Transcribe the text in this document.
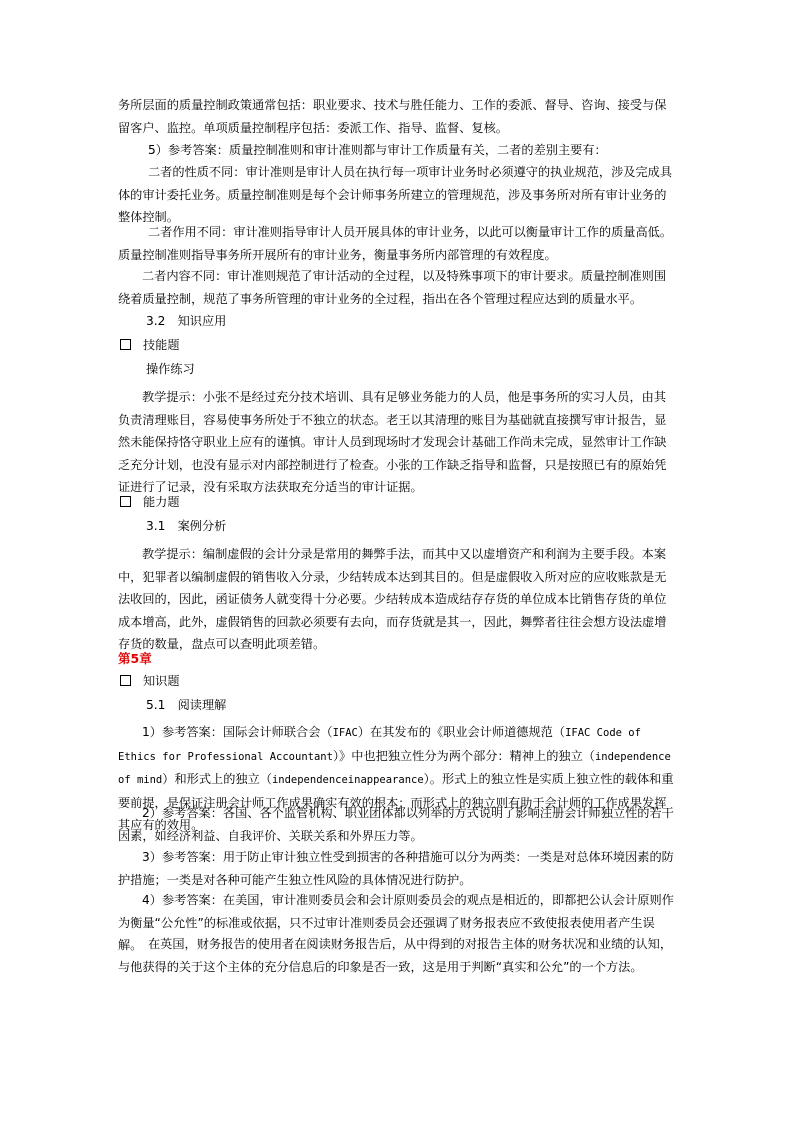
务所层面的质量控制政策通常包括：职业要求、技术与胜任能力、工作的委派、督导、咨询、接受与保留客户、监控。单项质量控制程序包括：委派工作、指导、监督、复核。

5）参考答案：质量控制准则和审计准则都与审计工作质量有关，二者的差别主要有：

二者的性质不同：审计准则是审计人员在执行每一项审计业务时必须遵守的执业规范，涉及完成具体的审计委托业务。质量控制准则是每个会计师事务所建立的管理规范，涉及事务所对所有审计业务的整体控制。

二者作用不同：审计准则指导审计人员开展具体的审计业务，以此可以衡量审计工作的质量高低。质量控制准则指导事务所开展所有的审计业务，衡量事务所内部管理的有效程度。

二者内容不同：审计准则规范了审计活动的全过程，以及特殊事项下的审计要求。质量控制准则围绕着质量控制，规范了事务所管理的审计业务的全过程，指出在各个管理过程应达到的质量水平。

3.2　知识应用

技能题

操作练习

教学提示：小张不是经过充分技术培训、具有足够业务能力的人员，他是事务所的实习人员，由其负责清理账目，容易使事务所处于不独立的状态。老王以其清理的账目为基础就直接撰写审计报告，显然未能保持恪守职业上应有的谨慎。审计人员到现场时才发现会计基础工作尚未完成，显然审计工作缺乏充分计划，也没有显示对内部控制进行了检查。小张的工作缺乏指导和监督，只是按照已有的原始凭证进行了记录，没有采取方法获取充分适当的审计证据。

能力题

3.1　案例分析

教学提示：编制虚假的会计分录是常用的舞弊手法，而其中又以虚增资产和利润为主要手段。本案中，犯罪者以编制虚假的销售收入分录，少结转成本达到其目的。但是虚假收入所对应的应收账款是无法收回的，因此，函证债务人就变得十分必要。少结转成本造成结存存货的单位成本比销售存货的单位成本增高，此外，虚假销售的回款必须要有去向，而存货就是其一，因此，舞弊者往往会想方设法虚增存货的数量，盘点可以查明此项差错。

第5章

知识题

5.1　阅读理解

1）参考答案：国际会计师联合会（IFAC）在其发布的《职业会计师道德规范（IFAC Code of Ethics for Professional Accountant）》中也把独立性分为两个部分：精神上的独立（independence of mind）和形式上的独立（independenceinappearance）。形式上的独立性是实质上独立性的载体和重要前提，是保证注册会计师工作成果确实有效的根本；而形式上的独立则有助于会计师的工作成果发挥其应有的效用。

2）参考答案：各国、各个监管机构、职业团体都以列举的方式说明了影响注册会计师独立性的若干因素，如经济利益、自我评价、关联关系和外界压力等。

3）参考答案：用于防止审计独立性受到损害的各种措施可以分为两类：一类是对总体环境因素的防护措施；一类是对各种可能产生独立性风险的具体情况进行防护。

4）参考答案：在美国，审计准则委员会和会计原则委员会的观点是相近的，即都把公认会计原则作为衡量“公允性”的标准或依据，只不过审计准则委员会还强调了财务报表应不致使报表使用者产生误解。 在英国，财务报告的使用者在阅读财务报告后，从中得到的对报告主体的财务状况和业绩的认知，与他获得的关于这个主体的充分信息后的印象是否一致，这是用于判断“真实和公允”的一个方法。
